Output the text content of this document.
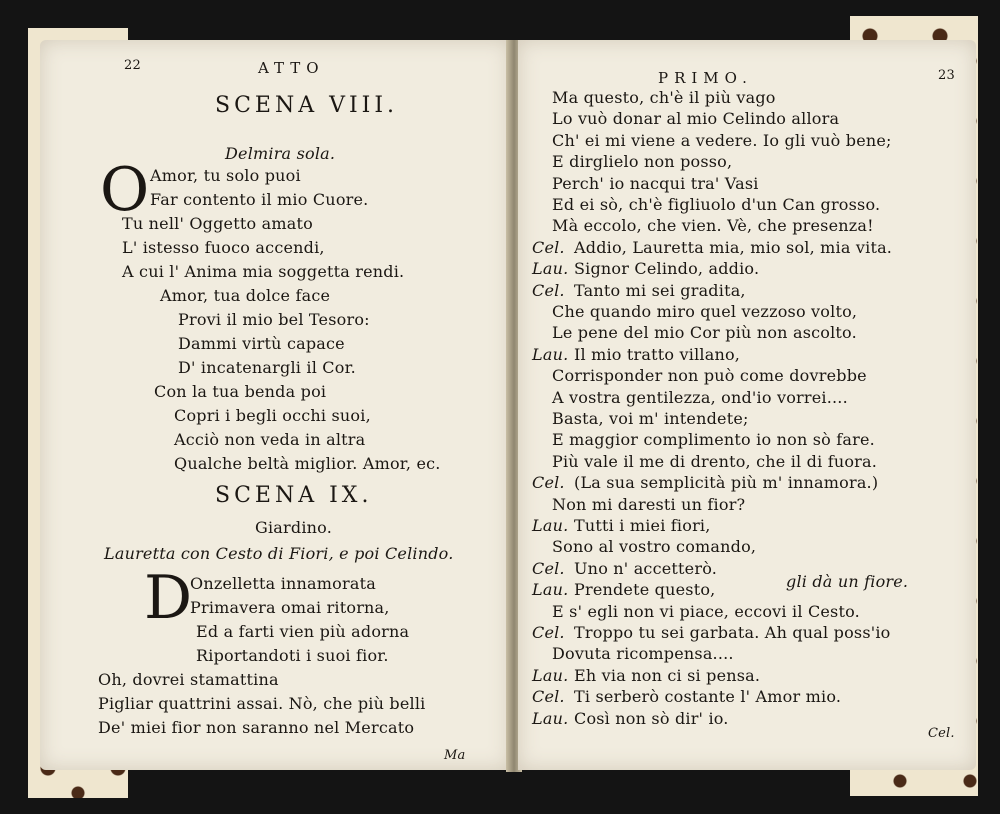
22	ATTO
SCENA VIII.
Delmira sola.
O Amor, tu solo puoi
Far contento il mio Cuore.
Tu nell' Oggetto amato
L' istesso fuoco accendi,
A cui l' Anima mia soggetta rendi.
Amor, tua dolce face
Provi il mio bel Tesoro:
Dammi virtù capace
D' incatenargli il Cor.
Con la tua benda poi
Copri i begli occhi suoi,
Acciò non veda in altra
Qualche beltà miglior. Amor, ec.
SCENA IX.
Giardino.
Lauretta con Cesto di Fiori, e poi Celindo.
D
Onzelletta innamorata
Primavera omai ritorna,
Ed a farti vien più adorna
Riportandoti i suoi fior.
Oh, dovrei stamattina
Pigliar quattrini assai. Nò, che più belli
De' miei fior non saranno nel Mercato
Ma
PRIMO.	23
Ma questo, ch'è il più vago
Lo vuò donar al mio Celindo allora
Ch' ei mi viene a vedere. Io gli vuò bene;
E dirglielo non posso,
Perch' io nacqui tra' Vasi
Ed ei sò, ch'è figliuolo d'un Can grosso.
Mà eccolo, che vien. Vè, che presenza!
Cel. Addio, Lauretta mia, mio sol, mia vita.
Lau. Signor Celindo, addio.
Cel. Tanto mi sei gradita,
Che quando miro quel vezzoso volto,
Le pene del mio Cor più non ascolto.
Lau. Il mio tratto villano,
Corrisponder non può come dovrebbe
A vostra gentilezza, ond'io vorrei....
Basta, voi m' intendete;
E maggior complimento io non sò fare.
Più vale il me di drento, che il di fuora.
Cel. (La sua semplicità più m' innamora.)
Non mi daresti un fior?
Lau. Tutti i miei fiori,
Sono al vostro comando,
Cel. Uno n' accetterò.
Lau. Prendete questo,
E s' egli non vi piace, eccovi il Cesto.
Cel. Troppo tu sei garbata. Ah qual poss'io
Dovuta ricompensa....
Lau. Eh via non ci si pensa.
Cel. Ti serberò costante l' Amor mio.
Lau. Così non sò dir' io.
gli dà un fiore.
Cel.
